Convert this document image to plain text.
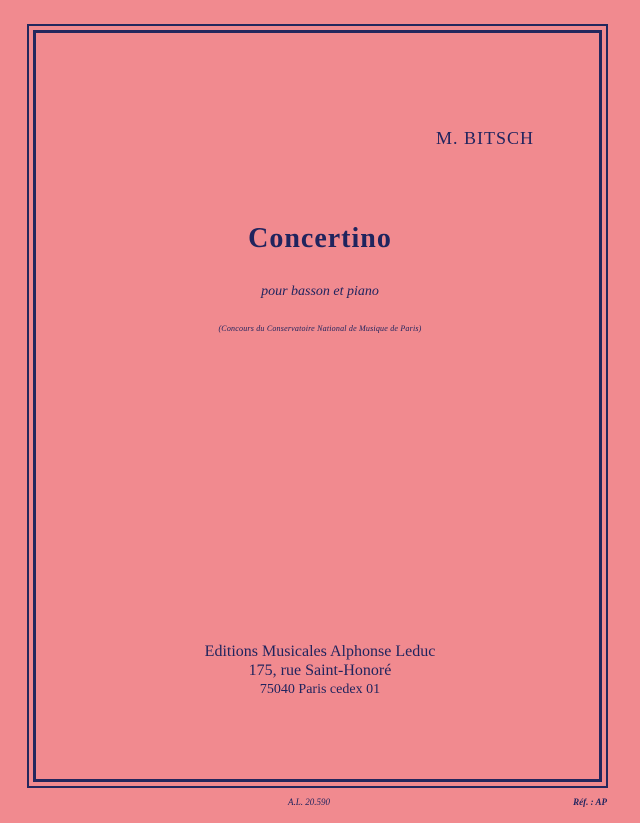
M. BITSCH
Concertino
pour basson et piano
(Concours du Conservatoire National de Musique de Paris)
Editions Musicales Alphonse Leduc
175, rue Saint-Honoré
75040 Paris cedex 01
A.L. 20.590	Réf. : AP
